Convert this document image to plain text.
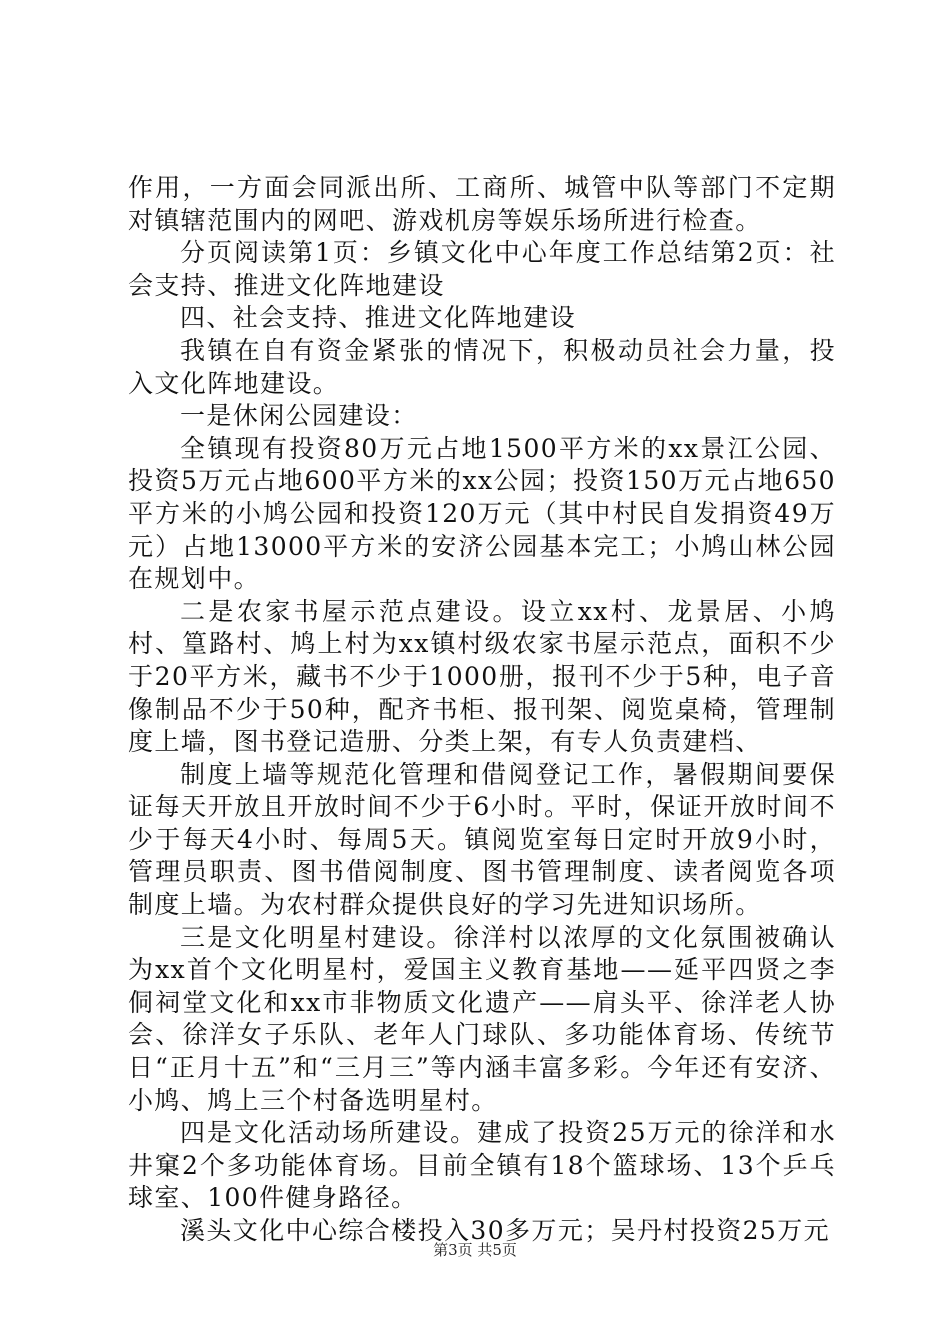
作用，一方面会同派出所、工商所、城管中队等部门不定期对镇辖范围内的网吧、游戏机房等娱乐场所进行检查。

分页阅读第1页：乡镇文化中心年度工作总结第2页：社会支持、推进文化阵地建设

四、社会支持、推进文化阵地建设

我镇在自有资金紧张的情况下，积极动员社会力量，投入文化阵地建设。

一是休闲公园建设：

全镇现有投资80万元占地1500平方米的xx景江公园、投资5万元占地600平方米的xx公园；投资150万元占地650平方米的小鸠公园和投资120万元（其中村民自发捐资49万元）占地13000平方米的安济公园基本完工；小鸠山林公园在规划中。

二是农家书屋示范点建设。设立xx村、龙景居、小鸠村、篁路村、鸠上村为xx镇村级农家书屋示范点，面积不少于20平方米，藏书不少于1000册，报刊不少于5种，电子音像制品不少于50种，配齐书柜、报刊架、阅览桌椅，管理制度上墙，图书登记造册、分类上架，有专人负责建档、

制度上墙等规范化管理和借阅登记工作，暑假期间要保证每天开放且开放时间不少于6小时。平时，保证开放时间不少于每天4小时、每周5天。镇阅览室每日定时开放9小时，管理员职责、图书借阅制度、图书管理制度、读者阅览各项制度上墙。为农村群众提供良好的学习先进知识场所。

三是文化明星村建设。徐洋村以浓厚的文化氛围被确认为xx首个文化明星村，爱国主义教育基地——延平四贤之李侗祠堂文化和xx市非物质文化遗产——肩头平、徐洋老人协会、徐洋女子乐队、老年人门球队、多功能体育场、传统节日“正月十五”和“三月三”等内涵丰富多彩。今年还有安济、小鸠、鸠上三个村备选明星村。

四是文化活动场所建设。建成了投资25万元的徐洋和水井窠2个多功能体育场。目前全镇有18个篮球场、13个乒乓球室、100件健身路径。

溪头文化中心综合楼投入30多万元；吴丹村投资25万元

第3页 共5页
